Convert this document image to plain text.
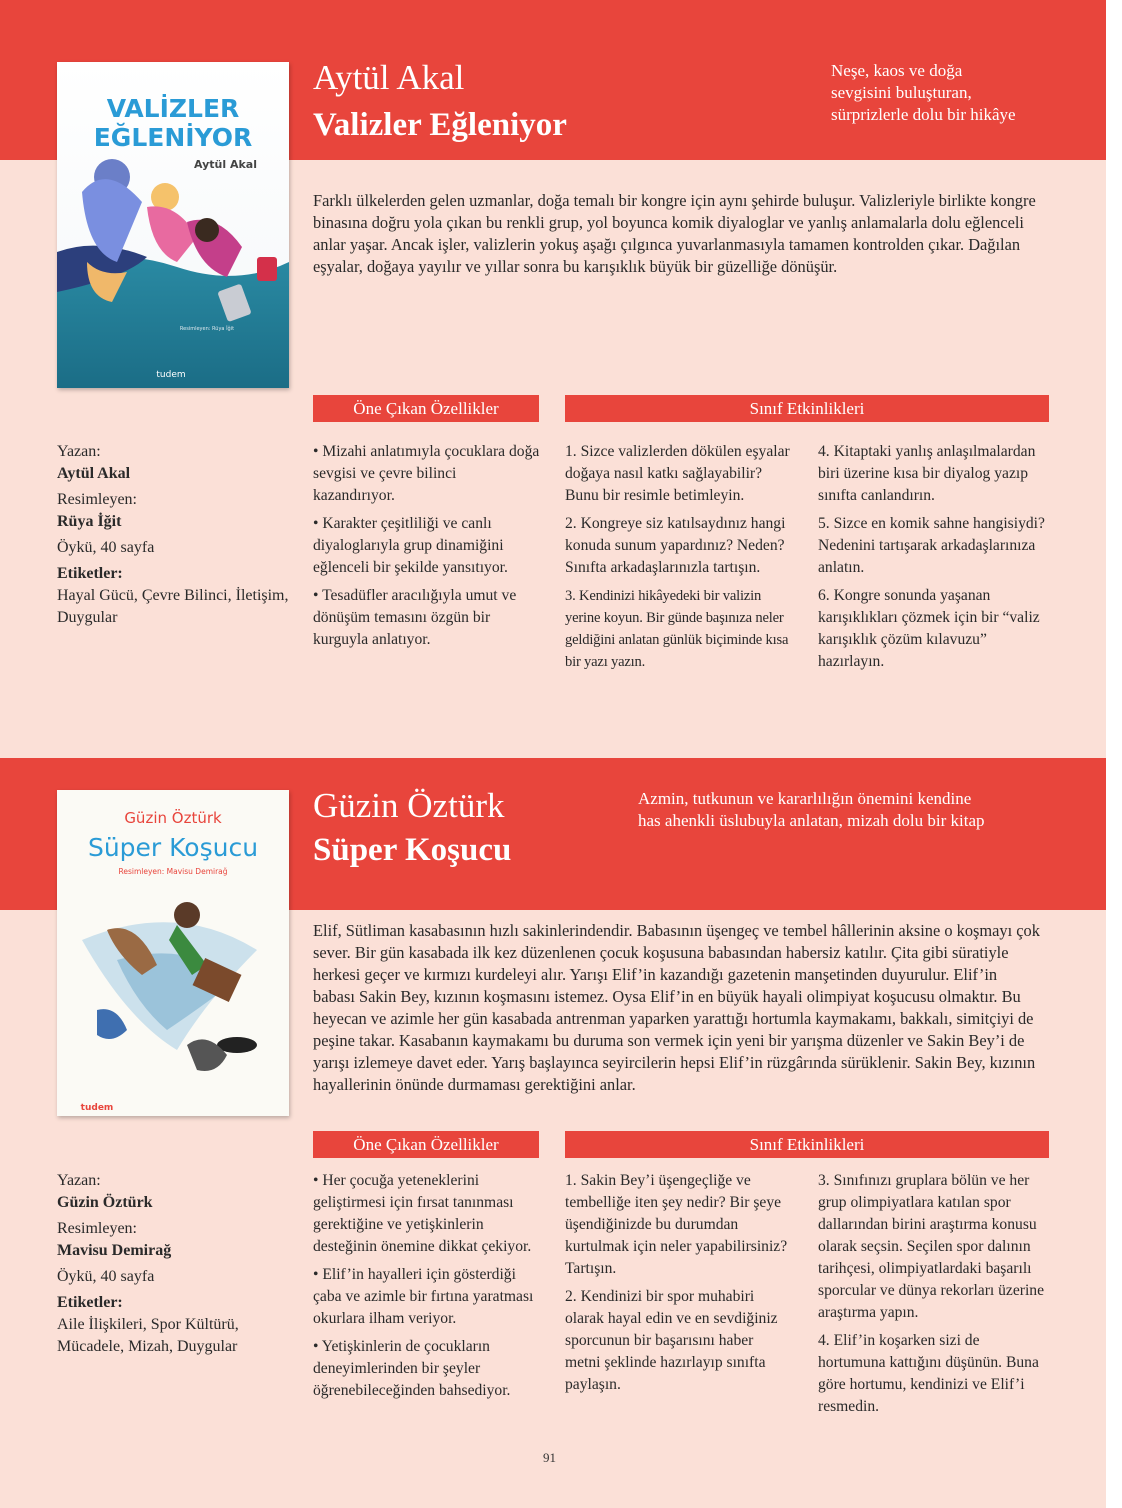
Aytül Akal
Valizler Eğleniyor
Neşe, kaos ve doğa
sevgisini buluşturan,
sürprizlerle dolu bir hikâye
VALİZLER
EĞLENİYOR
Aytül Akal
Resimleyen: Rüya İğit
tudem

Farklı ülkelerden gelen uzmanlar, doğa temalı bir kongre için aynı şehirde buluşur. Valizleriyle birlikte kongre binasına doğru yola çıkan bu renkli grup, yol boyunca komik diyaloglar ve yanlış anlamalarla dolu eğlenceli anlar yaşar. Ancak işler, valizlerin yokuş aşağı çılgınca yuvarlanmasıyla tamamen kontrolden çıkar. Dağılan eşyalar, doğaya yayılır ve yıllar sonra bu karışıklık büyük bir güzelliğe dönüşür.

Öne Çıkan Özellikler	Sınıf Etkinlikleri

Yazan:

Aytül Akal

Resimleyen:

Rüya İğit

Öykü, 40 sayfa

Etiketler:

Hayal Gücü, Çevre Bilinci, İletişim, Duygular

• Mizahi anlatımıyla çocuklara doğa sevgisi ve çevre bilinci kazandırıyor.

• Karakter çeşitliliği ve canlı diyaloglarıyla grup dinamiğini eğlenceli bir şekilde yansıtıyor.

• Tesadüfler aracılığıyla umut ve dönüşüm temasını özgün bir kurguyla anlatıyor.

1. Sizce valizlerden dökülen eşyalar doğaya nasıl katkı sağlayabilir? Bunu bir resimle betimleyin.

2. Kongreye siz katılsaydınız hangi konuda sunum yapardınız? Neden? Sınıfta arkadaşlarınızla tartışın.

3. Kendinizi hikâyedeki bir valizin yerine koyun. Bir günde başınıza neler geldiğini anlatan günlük biçiminde kısa bir yazı yazın.

4. Kitaptaki yanlış anlaşılmalardan biri üzerine kısa bir diyalog yazıp sınıfta canlandırın.

5. Sizce en komik sahne hangisiydi? Nedenini tartışarak arkadaşlarınıza anlatın.

6. Kongre sonunda yaşanan karışıklıkları çözmek için bir “valiz karışıklık çözüm kılavuzu” hazırlayın.

Güzin Öztürk
Süper Koşucu
Azmin, tutkunun ve kararlılığın önemini kendine
has ahenkli üslubuyla anlatan, mizah dolu bir kitap
Güzin Öztürk
Süper Koşucu
Resimleyen: Mavisu Demirağ
tudem

Elif, Sütliman kasabasının hızlı sakinlerindendir. Babasının üşengeç ve tembel hâllerinin aksine o koşmayı çok sever. Bir gün kasabada ilk kez düzenlenen çocuk koşusuna babasından habersiz katılır. Çita gibi süratiyle herkesi geçer ve kırmızı kurdeleyi alır. Yarışı Elif’in kazandığı gazetenin manşetinden duyurulur. Elif’in babası Sakin Bey, kızının koşmasını istemez. Oysa Elif’in en büyük hayali olimpiyat koşucusu olmaktır. Bu heyecan ve azimle her gün kasabada antrenman yaparken yarattığı hortumla kaymakamı, bakkalı, simitçiyi de peşine takar. Kasabanın kaymakamı bu duruma son vermek için yeni bir yarışma düzenler ve Sakin Bey’i de yarışı izlemeye davet eder. Yarış başlayınca seyircilerin hepsi Elif’in rüzgârında sürüklenir. Sakin Bey, kızının hayallerinin önünde durmaması gerektiğini anlar.

Öne Çıkan Özellikler	Sınıf Etkinlikleri

Yazan:

Güzin Öztürk

Resimleyen:

Mavisu Demirağ

Öykü, 40 sayfa

Etiketler:

Aile İlişkileri, Spor Kültürü, Mücadele, Mizah, Duygular

• Her çocuğa yeteneklerini geliştirmesi için fırsat tanınması gerektiğine ve yetişkinlerin desteğinin önemine dikkat çekiyor.

• Elif’in hayalleri için gösterdiği çaba ve azimle bir fırtına yaratması okurlara ilham veriyor.

• Yetişkinlerin de çocukların deneyimlerinden bir şeyler öğrenebileceğinden bahsediyor.

1. Sakin Bey’i üşengeçliğe ve tembelliğe iten şey nedir? Bir şeye üşendiğinizde bu durumdan kurtulmak için neler yapabilirsiniz? Tartışın.

2. Kendinizi bir spor muhabiri olarak hayal edin ve en sevdiğiniz sporcunun bir başarısını haber metni şeklinde hazırlayıp sınıfta paylaşın.

3. Sınıfınızı gruplara bölün ve her grup olimpiyatlara katılan spor dallarından birini araştırma konusu olarak seçsin. Seçilen spor dalının tarihçesi, olimpiyatlardaki başarılı sporcular ve dünya rekorları üzerine araştırma yapın.

4. Elif’in koşarken sizi de hortumuna kattığını düşünün. Buna göre hortumu, kendinizi ve Elif’i resmedin.

91
